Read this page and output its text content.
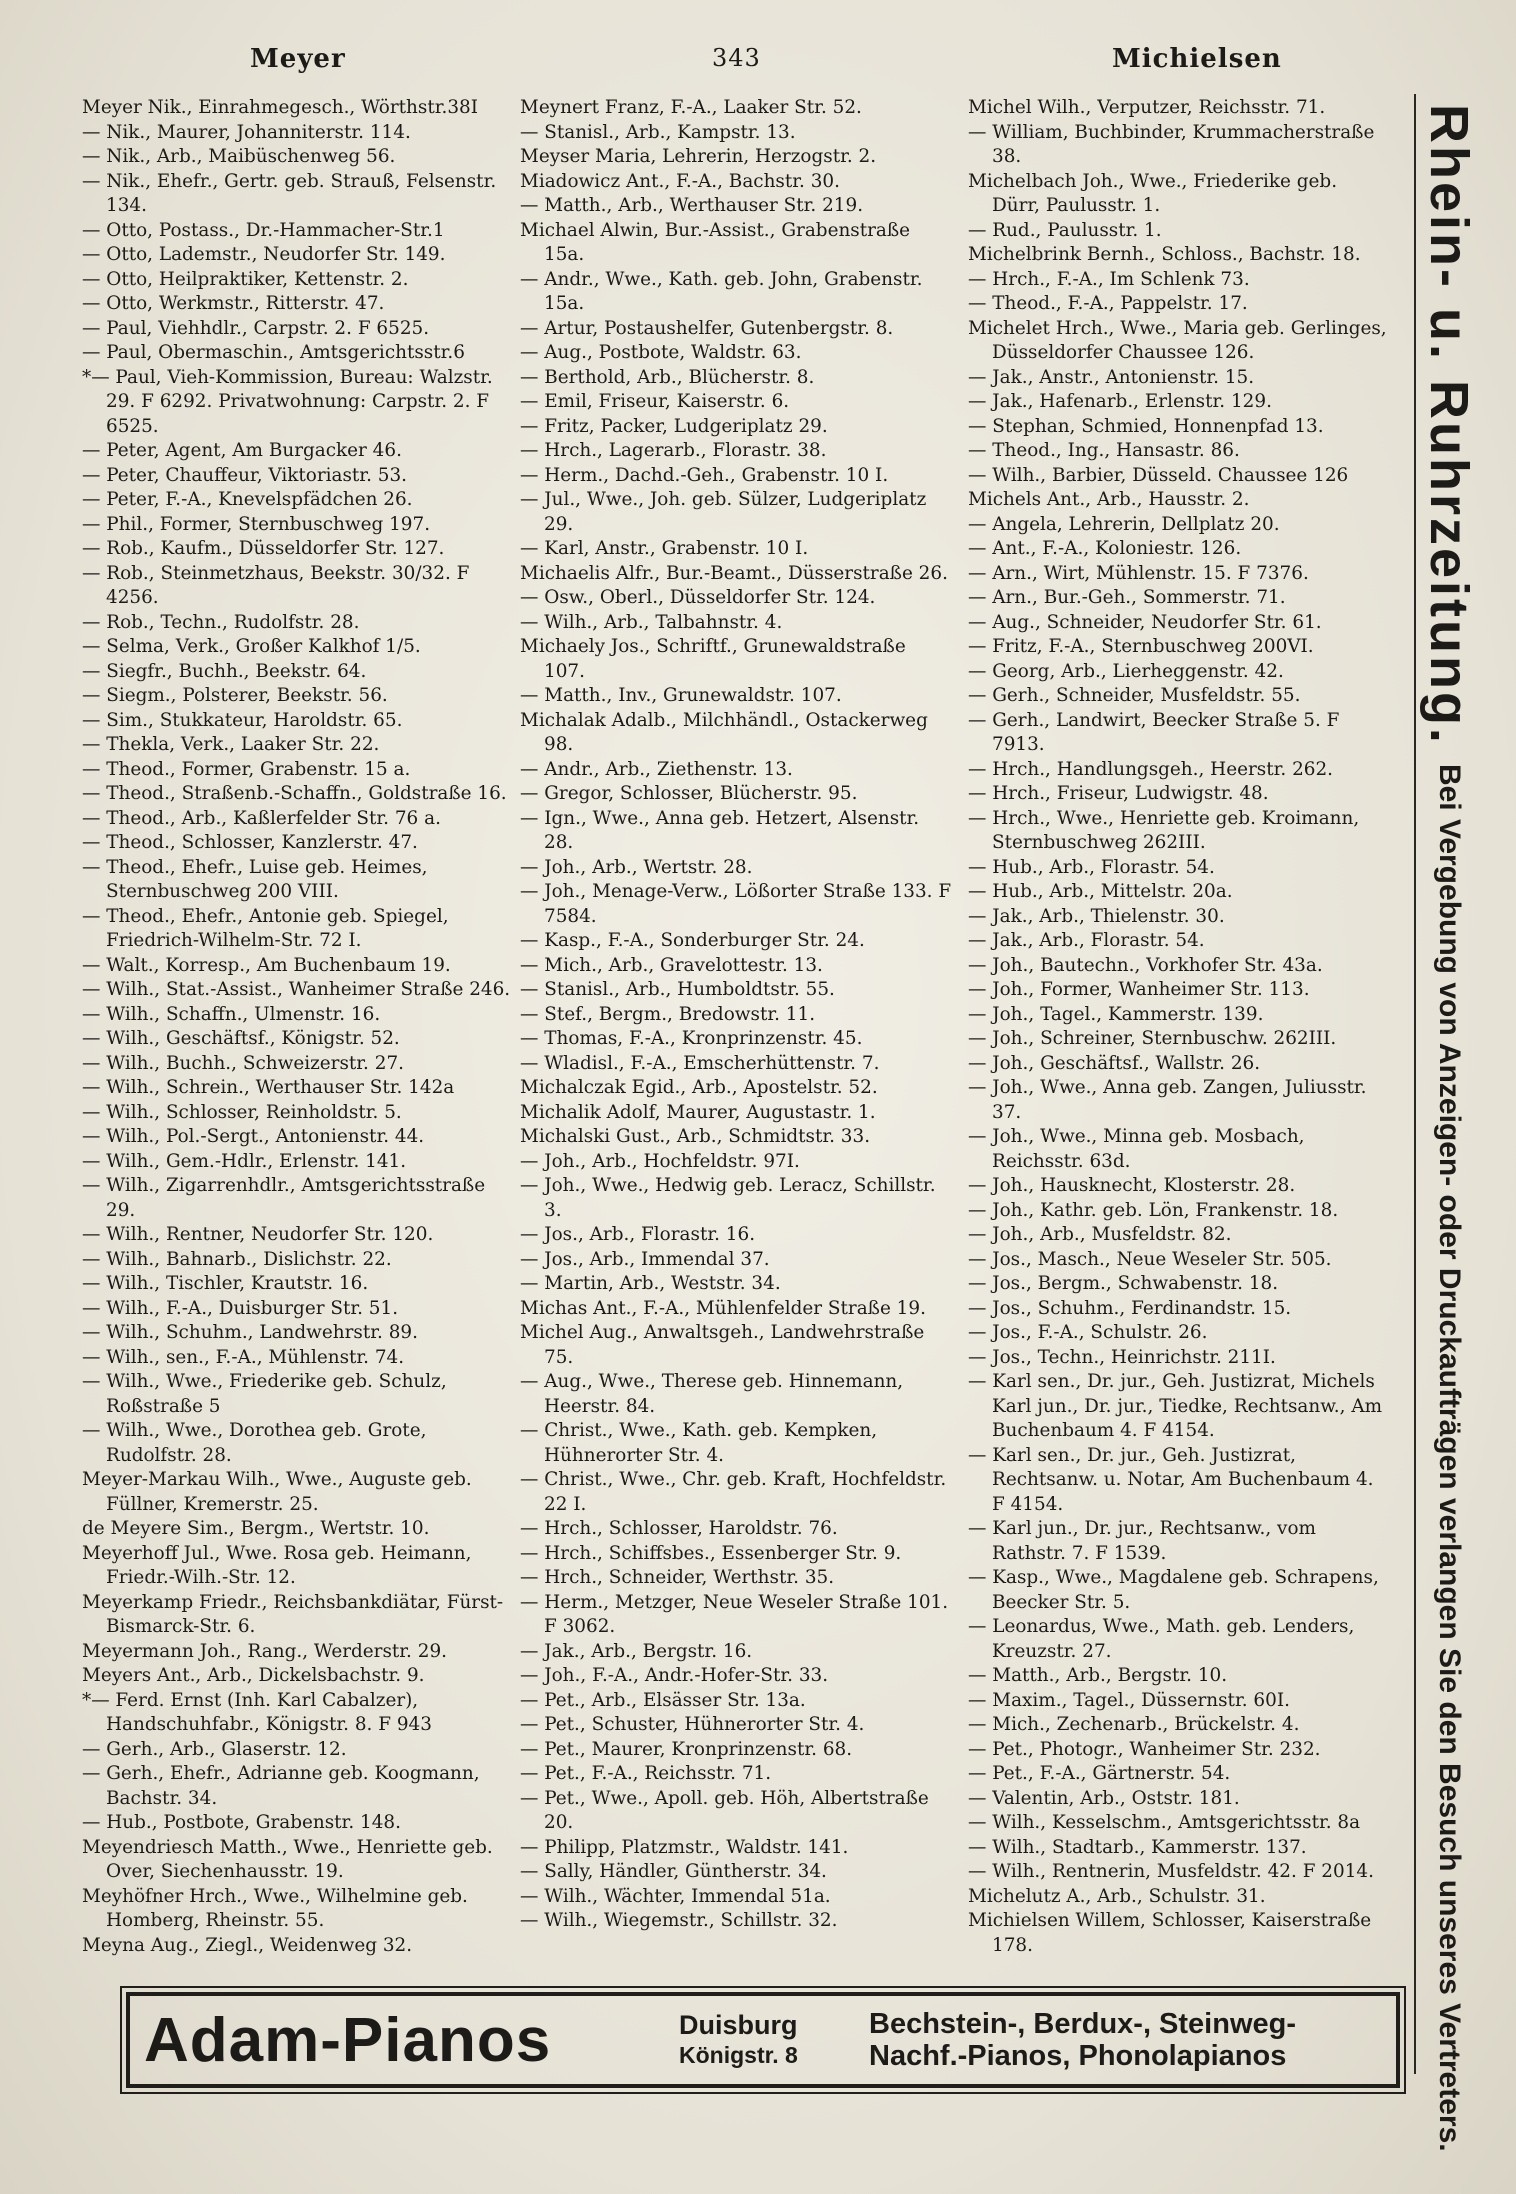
Meyer	343	Michielsen
Meyer Nik., Einrahmegesch., Wörthstr.38I
— Nik., Maurer, Johanniterstr. 114.
— Nik., Arb., Maibüschenweg 56.
— Nik., Ehefr., Gertr. geb. Strauß, Felsenstr. 134.
— Otto, Postass., Dr.-Hammacher-Str.1
— Otto, Lademstr., Neudorfer Str. 149.
— Otto, Heilpraktiker, Kettenstr. 2.
— Otto, Werkmstr., Ritterstr. 47.
— Paul, Viehhdlr., Carpstr. 2. F 6525.
— Paul, Obermaschin., Amtsgerichtsstr.6
*— Paul, Vieh-Kommission, Bureau: Walzstr. 29. F 6292. Privatwohnung: Carpstr. 2. F 6525.
— Peter, Agent, Am Burgacker 46.
— Peter, Chauffeur, Viktoriastr. 53.
— Peter, F.-A., Knevelspfädchen 26.
— Phil., Former, Sternbuschweg 197.
— Rob., Kaufm., Düsseldorfer Str. 127.
— Rob., Steinmetzhaus, Beekstr. 30/32. F 4256.
— Rob., Techn., Rudolfstr. 28.
— Selma, Verk., Großer Kalkhof 1/5.
— Siegfr., Buchh., Beekstr. 64.
— Siegm., Polsterer, Beekstr. 56.
— Sim., Stukkateur, Haroldstr. 65.
— Thekla, Verk., Laaker Str. 22.
— Theod., Former, Grabenstr. 15 a.
— Theod., Straßenb.-Schaffn., Goldstraße 16.
— Theod., Arb., Kaßlerfelder Str. 76 a.
— Theod., Schlosser, Kanzlerstr. 47.
— Theod., Ehefr., Luise geb. Heimes, Sternbuschweg 200 VIII.
— Theod., Ehefr., Antonie geb. Spiegel, Friedrich-Wilhelm-Str. 72 I.
— Walt., Korresp., Am Buchenbaum 19.
— Wilh., Stat.-Assist., Wanheimer Straße 246.
— Wilh., Schaffn., Ulmenstr. 16.
— Wilh., Geschäftsf., Königstr. 52.
— Wilh., Buchh., Schweizerstr. 27.
— Wilh., Schrein., Werthauser Str. 142a
— Wilh., Schlosser, Reinholdstr. 5.
— Wilh., Pol.-Sergt., Antonienstr. 44.
— Wilh., Gem.-Hdlr., Erlenstr. 141.
— Wilh., Zigarrenhdlr., Amtsgerichtsstraße 29.
— Wilh., Rentner, Neudorfer Str. 120.
— Wilh., Bahnarb., Dislichstr. 22.
— Wilh., Tischler, Krautstr. 16.
— Wilh., F.-A., Duisburger Str. 51.
— Wilh., Schuhm., Landwehrstr. 89.
— Wilh., sen., F.-A., Mühlenstr. 74.
— Wilh., Wwe., Friederike geb. Schulz, Roßstraße 5
— Wilh., Wwe., Dorothea geb. Grote, Rudolfstr. 28.
Meyer-Markau Wilh., Wwe., Auguste geb. Füllner, Kremerstr. 25.
de Meyere Sim., Bergm., Wertstr. 10.
Meyerhoff Jul., Wwe. Rosa geb. Heimann, Friedr.-Wilh.-Str. 12.
Meyerkamp Friedr., Reichsbankdiätar, Fürst-Bismarck-Str. 6.
Meyermann Joh., Rang., Werderstr. 29.
Meyers Ant., Arb., Dickelsbachstr. 9.
*— Ferd. Ernst (Inh. Karl Cabalzer), Handschuhfabr., Königstr. 8. F 943
— Gerh., Arb., Glaserstr. 12.
— Gerh., Ehefr., Adrianne geb. Koogmann, Bachstr. 34.
— Hub., Postbote, Grabenstr. 148.
Meyendriesch Matth., Wwe., Henriette geb. Over, Siechenhausstr. 19.
Meyhöfner Hrch., Wwe., Wilhelmine geb. Homberg, Rheinstr. 55.
Meyna Aug., Ziegl., Weidenweg 32.
Meynert Franz, F.-A., Laaker Str. 52.
— Stanisl., Arb., Kampstr. 13.
Meyser Maria, Lehrerin, Herzogstr. 2.
Miadowicz Ant., F.-A., Bachstr. 30.
— Matth., Arb., Werthauser Str. 219.
Michael Alwin, Bur.-Assist., Grabenstraße 15a.
— Andr., Wwe., Kath. geb. John, Grabenstr. 15a.
— Artur, Postaushelfer, Gutenbergstr. 8.
— Aug., Postbote, Waldstr. 63.
— Berthold, Arb., Blücherstr. 8.
— Emil, Friseur, Kaiserstr. 6.
— Fritz, Packer, Ludgeriplatz 29.
— Hrch., Lagerarb., Florastr. 38.
— Herm., Dachd.-Geh., Grabenstr. 10 I.
— Jul., Wwe., Joh. geb. Sülzer, Ludgeriplatz 29.
— Karl, Anstr., Grabenstr. 10 I.
Michaelis Alfr., Bur.-Beamt., Düsserstraße 26.
— Osw., Oberl., Düsseldorfer Str. 124.
— Wilh., Arb., Talbahnstr. 4.
Michaely Jos., Schriftf., Grunewaldstraße 107.
— Matth., Inv., Grunewaldstr. 107.
Michalak Adalb., Milchhändl., Ostackerweg 98.
— Andr., Arb., Ziethenstr. 13.
— Gregor, Schlosser, Blücherstr. 95.
— Ign., Wwe., Anna geb. Hetzert, Alsenstr. 28.
— Joh., Arb., Wertstr. 28.
— Joh., Menage-Verw., Lößorter Straße 133. F 7584.
— Kasp., F.-A., Sonderburger Str. 24.
— Mich., Arb., Gravelottestr. 13.
— Stanisl., Arb., Humboldtstr. 55.
— Stef., Bergm., Bredowstr. 11.
— Thomas, F.-A., Kronprinzenstr. 45.
— Wladisl., F.-A., Emscherhüttenstr. 7.
Michalczak Egid., Arb., Apostelstr. 52.
Michalik Adolf, Maurer, Augustastr. 1.
Michalski Gust., Arb., Schmidtstr. 33.
— Joh., Arb., Hochfeldstr. 97I.
— Joh., Wwe., Hedwig geb. Leracz, Schillstr. 3.
— Jos., Arb., Florastr. 16.
— Jos., Arb., Immendal 37.
— Martin, Arb., Weststr. 34.
Michas Ant., F.-A., Mühlenfelder Straße 19.
Michel Aug., Anwaltsgeh., Landwehrstraße 75.
— Aug., Wwe., Therese geb. Hinnemann, Heerstr. 84.
— Christ., Wwe., Kath. geb. Kempken, Hühnerorter Str. 4.
— Christ., Wwe., Chr. geb. Kraft, Hochfeldstr. 22 I.
— Hrch., Schlosser, Haroldstr. 76.
— Hrch., Schiffsbes., Essenberger Str. 9.
— Hrch., Schneider, Werthstr. 35.
— Herm., Metzger, Neue Weseler Straße 101. F 3062.
— Jak., Arb., Bergstr. 16.
— Joh., F.-A., Andr.-Hofer-Str. 33.
— Pet., Arb., Elsässer Str. 13a.
— Pet., Schuster, Hühnerorter Str. 4.
— Pet., Maurer, Kronprinzenstr. 68.
— Pet., F.-A., Reichsstr. 71.
— Pet., Wwe., Apoll. geb. Höh, Albertstraße 20.
— Philipp, Platzmstr., Waldstr. 141.
— Sally, Händler, Güntherstr. 34.
— Wilh., Wächter, Immendal 51a.
— Wilh., Wiegemstr., Schillstr. 32.
Michel Wilh., Verputzer, Reichsstr. 71.
— William, Buchbinder, Krummacherstraße 38.
Michelbach Joh., Wwe., Friederike geb. Dürr, Paulusstr. 1.
— Rud., Paulusstr. 1.
Michelbrink Bernh., Schloss., Bachstr. 18.
— Hrch., F.-A., Im Schlenk 73.
— Theod., F.-A., Pappelstr. 17.
Michelet Hrch., Wwe., Maria geb. Gerlinges, Düsseldorfer Chaussee 126.
— Jak., Anstr., Antonienstr. 15.
— Jak., Hafenarb., Erlenstr. 129.
— Stephan, Schmied, Honnenpfad 13.
— Theod., Ing., Hansastr. 86.
— Wilh., Barbier, Düsseld. Chaussee 126
Michels Ant., Arb., Hausstr. 2.
— Angela, Lehrerin, Dellplatz 20.
— Ant., F.-A., Koloniestr. 126.
— Arn., Wirt, Mühlenstr. 15. F 7376.
— Arn., Bur.-Geh., Sommerstr. 71.
— Aug., Schneider, Neudorfer Str. 61.
— Fritz, F.-A., Sternbuschweg 200VI.
— Georg, Arb., Lierheggenstr. 42.
— Gerh., Schneider, Musfeldstr. 55.
— Gerh., Landwirt, Beecker Straße 5. F 7913.
— Hrch., Handlungsgeh., Heerstr. 262.
— Hrch., Friseur, Ludwigstr. 48.
— Hrch., Wwe., Henriette geb. Kroimann, Sternbuschweg 262III.
— Hub., Arb., Florastr. 54.
— Hub., Arb., Mittelstr. 20a.
— Jak., Arb., Thielenstr. 30.
— Jak., Arb., Florastr. 54.
— Joh., Bautechn., Vorkhofer Str. 43a.
— Joh., Former, Wanheimer Str. 113.
— Joh., Tagel., Kammerstr. 139.
— Joh., Schreiner, Sternbuschw. 262III.
— Joh., Geschäftsf., Wallstr. 26.
— Joh., Wwe., Anna geb. Zangen, Juliusstr. 37.
— Joh., Wwe., Minna geb. Mosbach, Reichsstr. 63d.
— Joh., Hausknecht, Klosterstr. 28.
— Joh., Kathr. geb. Lön, Frankenstr. 18.
— Joh., Arb., Musfeldstr. 82.
— Jos., Masch., Neue Weseler Str. 505.
— Jos., Bergm., Schwabenstr. 18.
— Jos., Schuhm., Ferdinandstr. 15.
— Jos., F.-A., Schulstr. 26.
— Jos., Techn., Heinrichstr. 211I.
— Karl sen., Dr. jur., Geh. Justizrat, Michels Karl jun., Dr. jur., Tiedke, Rechtsanw., Am Buchenbaum 4. F 4154.
— Karl sen., Dr. jur., Geh. Justizrat, Rechtsanw. u. Notar, Am Buchenbaum 4. F 4154.
— Karl jun., Dr. jur., Rechtsanw., vom Rathstr. 7. F 1539.
— Kasp., Wwe., Magdalene geb. Schrapens, Beecker Str. 5.
— Leonardus, Wwe., Math. geb. Lenders, Kreuzstr. 27.
— Matth., Arb., Bergstr. 10.
— Maxim., Tagel., Düssernstr. 60I.
— Mich., Zechenarb., Brückelstr. 4.
— Pet., Photogr., Wanheimer Str. 232.
— Pet., F.-A., Gärtnerstr. 54.
— Valentin, Arb., Oststr. 181.
— Wilh., Kesselschm., Amtsgerichtsstr. 8a
— Wilh., Stadtarb., Kammerstr. 137.
— Wilh., Rentnerin, Musfeldstr. 42. F 2014.
Michelutz A., Arb., Schulstr. 31.
Michielsen Willem, Schlosser, Kaiserstraße 178.
Rhein- u. Ruhrzeitung.
Bei Vergebung von Anzeigen- oder Druckaufträgen verlangen Sie den Besuch unseres Vertreters.
Adam-Pianos	Duisburg
Königstr. 8
Bechstein-, Berdux-, Steinweg-
Nachf.-Pianos, Phonolapianos
